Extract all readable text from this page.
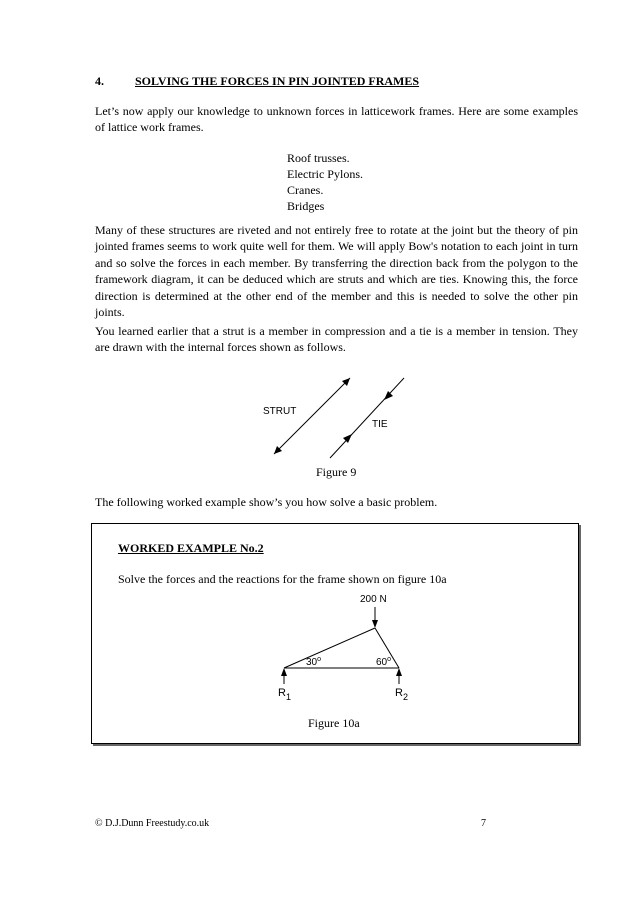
4.	SOLVING THE FORCES IN PIN JOINTED FRAMES

Let’s now apply our knowledge to unknown forces in latticework frames. Here are some examples of lattice work frames.

Roof trusses.
Electric Pylons.
Cranes.
Bridges

Many of these structures are riveted and not entirely free to rotate at the joint but the theory of pin jointed frames seems to work quite well for them. We will apply Bow's notation to each joint in turn and so solve the forces in each member. By transferring the direction back from the polygon to the framework diagram, it can be deduced which are struts and which are ties. Knowing this, the force direction is determined at the other end of the member and this is needed to solve the other pin joints.

You learned earlier that a strut is a member in compression and a tie is a member in tension. They are drawn with the internal forces shown as follows.

STRUT
TIE
Figure 9

The following worked example show’s you how solve a basic problem.

WORKED EXAMPLE No.2
Solve the forces and the reactions for the frame shown on figure 10a
200 N
30$^o$	60$^o$
$R_1$	$R_2$
Figure 10a
© D.J.Dunn Freestudy.co.uk	7
